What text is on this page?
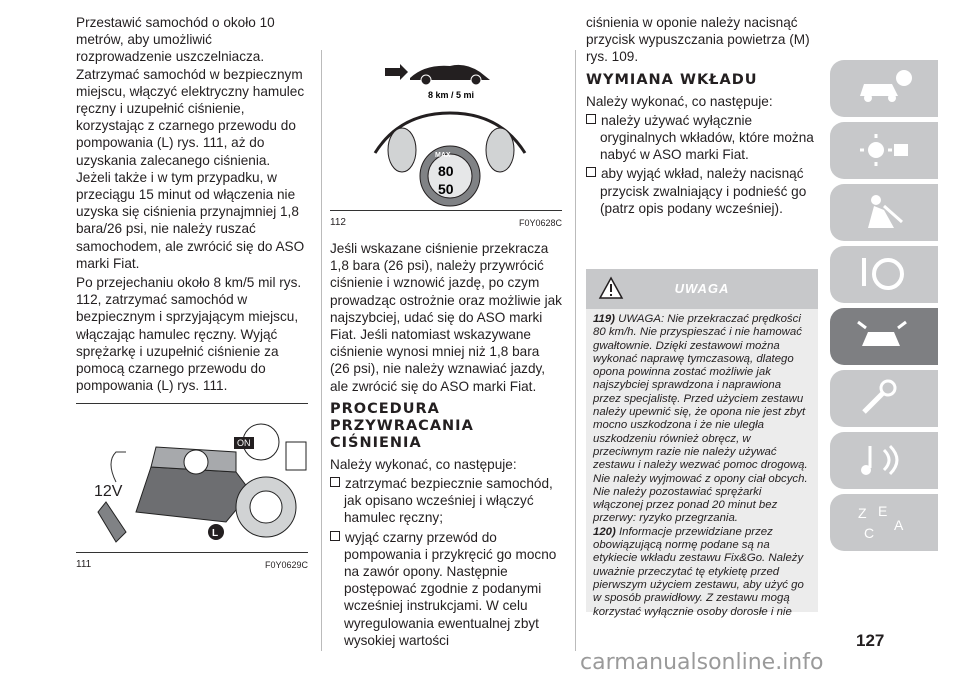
Przestawić samochód o około 10 metrów, aby umożliwić rozprowadzenie uszczelniacza. Zatrzymać samochód w bezpiecznym miejscu, włączyć elektryczny hamulec ręczny i uzupełnić ciśnienie, korzystając z czarnego przewodu do pompowania (L) rys. 111, aż do uzyskania zalecanego ciśnienia. Jeżeli także i w tym przypadku, w przeciągu 15 minut od włączenia nie uzyska się ciśnienia przynajmniej 1,8 bara/26 psi, nie należy ruszać samochodem, ale zwrócić się do ASO marki Fiat.

Po przejechaniu około 8 km/5 mil rys. 112, zatrzymać samochód w bezpiecznym i sprzyjającym miejscu, włączając hamulec ręczny. Wyjąć sprężarkę i uzupełnić ciśnienie za pomocą czarnego przewodu do pompowania (L) rys. 111.

12V
ON
L
111	F0Y0629C
8 km / 5 mi
MAX
80
50
112	F0Y0628C

Jeśli wskazane ciśnienie przekracza 1,8 bara (26 psi), należy przywrócić ciśnienie i wznowić jazdę, po czym prowadząc ostrożnie oraz możliwie jak najszybciej, udać się do ASO marki Fiat. Jeśli natomiast wskazywane ciśnienie wynosi mniej niż 1,8 bara (26 psi), nie należy wznawiać jazdy, ale zwrócić się do ASO marki Fiat.

PROCEDURA PRZYWRACANIA CIŚNIENIA

Należy wykonać, co następuje:

zatrzymać bezpiecznie samochód, jak opisano wcześniej i włączyć hamulec ręczny;

wyjąć czarny przewód do pompowania i przykręcić go mocno na zawór opony. Następnie postępować zgodnie z podanymi wcześniej instrukcjami. W celu wyregulowania ewentualnej zbyt wysokiej wartości

ciśnienia w oponie należy nacisnąć przycisk wypuszczania powietrza (M) rys. 109.

WYMIANA WKŁADU

Należy wykonać, co następuje:

należy używać wyłącznie oryginalnych wkładów, które można nabyć w ASO marki Fiat.

aby wyjąć wkład, należy nacisnąć przycisk zwalniający i podnieść go (patrz opis podany wcześniej).

UWAGA

119) UWAGA: Nie przekraczać prędkości 80 km/h. Nie przyspieszać i nie hamować gwałtownie. Dzięki zestawowi można wykonać naprawę tymczasową, dlatego opona powinna zostać możliwie jak najszybciej sprawdzona i naprawiona przez specjalistę. Przed użyciem zestawu należy upewnić się, że opona nie jest zbyt mocno uszkodzona i że nie uległa uszkodzeniu również obręcz, w przeciwnym razie nie należy używać zestawu i należy wezwać pomoc drogową. Nie należy wyjmować z opony ciał obcych. Nie należy pozostawiać sprężarki włączonej przez ponad 20 minut bez przerwy: ryzyko przegrzania.

120) Informacje przewidziane przez obowiązującą normę podane są na etykiecie wkładu zestawu Fix&Go. Należy uważnie przeczytać tę etykietę przed pierwszym użyciem zestawu, aby użyć go w sposób prawidłowy. Z zestawu mogą korzystać wyłącznie osoby dorosłe i nie

127
Z E
A
C
carmanualsonline.info
